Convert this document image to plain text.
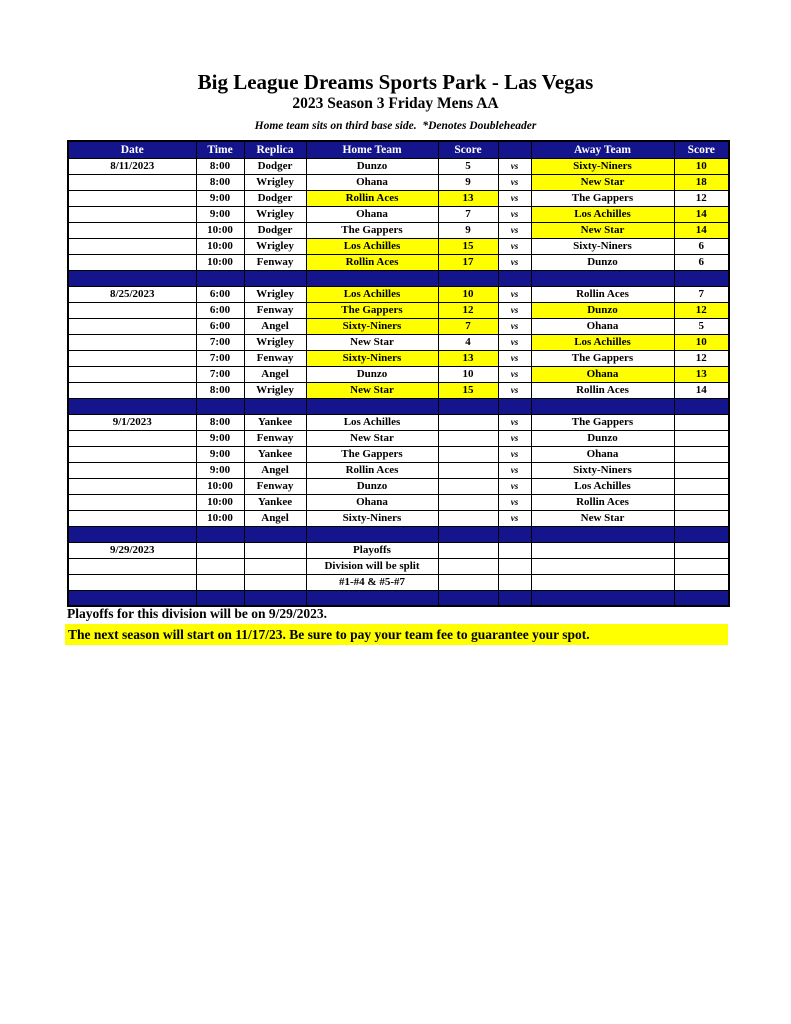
Big League Dreams Sports Park - Las Vegas
2023 Season 3 Friday Mens AA
Home team sits on third base side.  *Denotes Doubleheader
Date	Time	Replica	Home Team	Score		Away Team	Score
8/11/2023	8:00	Dodger	Dunzo	5	vs	Sixty-Niners	10
	8:00	Wrigley	Ohana	9	vs	New Star	18
	9:00	Dodger	Rollin Aces	13	vs	The Gappers	12
	9:00	Wrigley	Ohana	7	vs	Los Achilles	14
	10:00	Dodger	The Gappers	9	vs	New Star	14
	10:00	Wrigley	Los Achilles	15	vs	Sixty-Niners	6
	10:00	Fenway	Rollin Aces	17	vs	Dunzo	6

8/25/2023	6:00	Wrigley	Los Achilles	10	vs	Rollin Aces	7
	6:00	Fenway	The Gappers	12	vs	Dunzo	12
	6:00	Angel	Sixty-Niners	7	vs	Ohana	5
	7:00	Wrigley	New Star	4	vs	Los Achilles	10
	7:00	Fenway	Sixty-Niners	13	vs	The Gappers	12
	7:00	Angel	Dunzo	10	vs	Ohana	13
	8:00	Wrigley	New Star	15	vs	Rollin Aces	14

9/1/2023	8:00	Yankee	Los Achilles		vs	The Gappers	
	9:00	Fenway	New Star		vs	Dunzo	
	9:00	Yankee	The Gappers		vs	Ohana	
	9:00	Angel	Rollin Aces		vs	Sixty-Niners	
	10:00	Fenway	Dunzo		vs	Los Achilles	
	10:00	Yankee	Ohana		vs	Rollin Aces	
	10:00	Angel	Sixty-Niners		vs	New Star	

9/29/2023			Playoffs				
			Division will be split				
			#1-#4 & #5-#7				

Playoffs for this division will be on 9/29/2023.
The next season will start on 11/17/23. Be sure to pay your team fee to guarantee your spot.
